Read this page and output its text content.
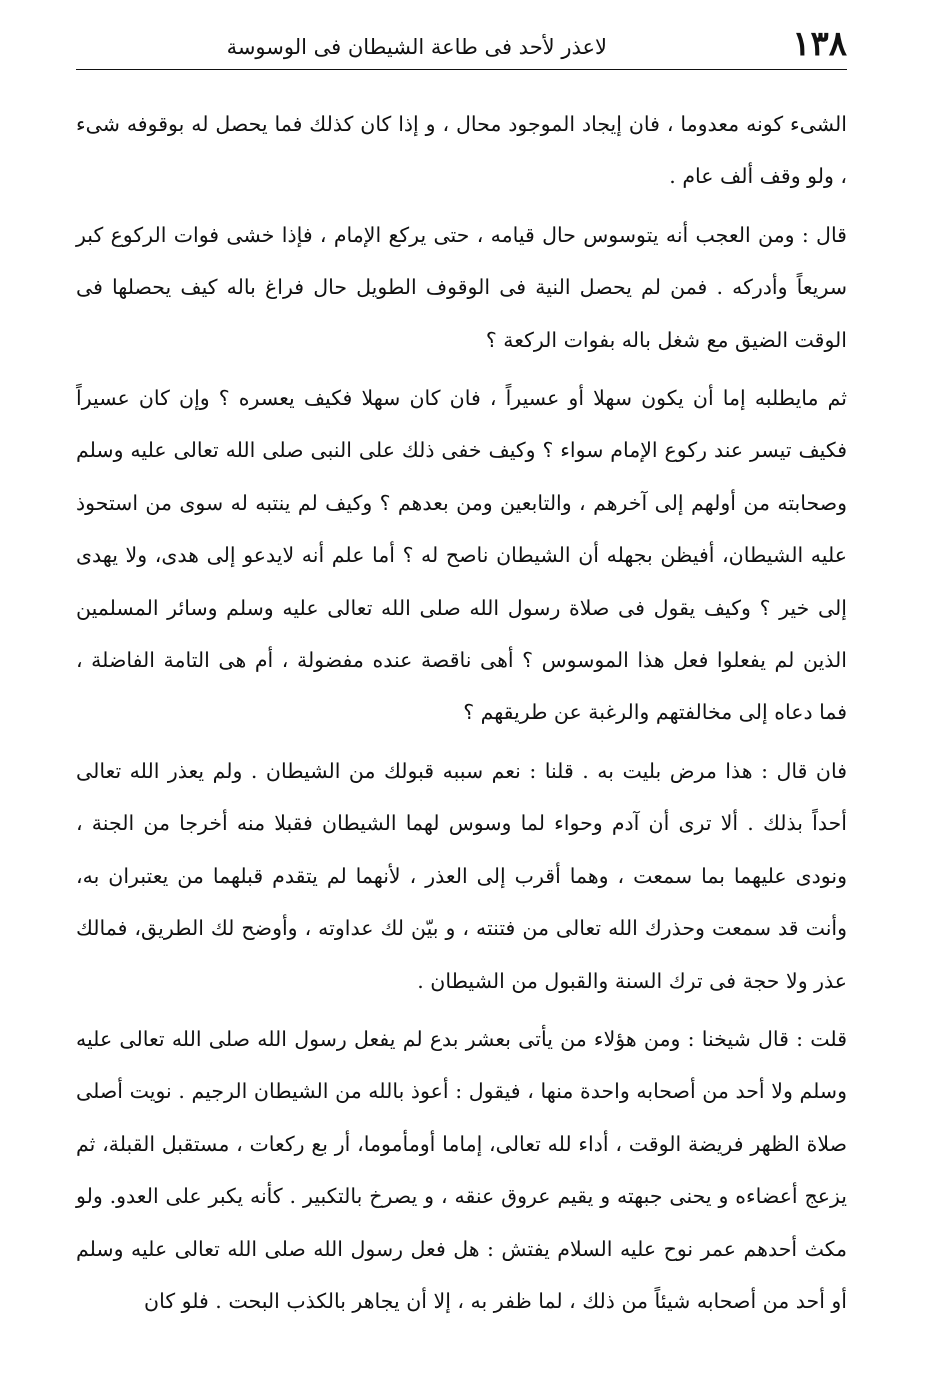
١٣٨
لاعذر لأحد فى طاعة الشيطان فى الوسوسة

الشىء كونه معدوما ، فان إيجاد الموجود محال ، و إذا كان كذلك فما يحصل له بوقوفه شىء ، ولو وقف ألف عام .

قال : ومن العجب أنه يتوسوس حال قيامه ، حتى يركع الإمام ، فإذا خشى فوات الركوع كبر سريعاً وأدركه . فمن لم يحصل النية فى الوقوف الطويل حال فراغ باله كيف يحصلها فى الوقت الضيق مع شغل باله بفوات الركعة ؟

ثم مايطلبه إما أن يكون سهلا أو عسيراً ، فان كان سهلا فكيف يعسره ؟ وإن كان عسيراً فكيف تيسر عند ركوع الإمام سواء ؟ وكيف خفى ذلك على النبى صلى الله تعالى عليه وسلم وصحابته من أولهم إلى آخرهم ، والتابعين ومن بعدهم ؟ وكيف لم ينتبه له سوى من استحوذ عليه الشيطان، أفيظن بجهله أن الشيطان ناصح له ؟ أما علم أنه لايدعو إلى هدى، ولا يهدى إلى خير ؟ وكيف يقول فى صلاة رسول الله صلى الله تعالى عليه وسلم وسائر المسلمين الذين لم يفعلوا فعل هذا الموسوس ؟ أهى ناقصة عنده مفضولة ، أم هى التامة الفاضلة ، فما دعاه إلى مخالفتهم والرغبة عن طريقهم ؟

فان قال : هذا مرض بليت به . قلنا : نعم سببه قبولك من الشيطان . ولم يعذر الله تعالى أحداً بذلك . ألا ترى أن آدم وحواء لما وسوس لهما الشيطان فقبلا منه أخرجا من الجنة ، ونودى عليهما بما سمعت ، وهما أقرب إلى العذر ، لأنهما لم يتقدم قبلهما من يعتبران به، وأنت قد سمعت وحذرك الله تعالى من فتنته ، و بيّن لك عداوته ، وأوضح لك الطريق، فمالك عذر ولا حجة فى ترك السنة والقبول من الشيطان .

قلت : قال شيخنا : ومن هؤلاء من يأتى بعشر بدع لم يفعل رسول الله صلى الله تعالى عليه وسلم ولا أحد من أصحابه واحدة منها ، فيقول : أعوذ بالله من الشيطان الرجيم . نويت أصلى صلاة الظهر فريضة الوقت ، أداء لله تعالى، إماما أومأموما، أر بع ركعات ، مستقبل القبلة، ثم يزعج أعضاءه و يحنى جبهته و يقيم عروق عنقه ، و يصرخ بالتكبير . كأنه يكبر على العدو. ولو مكث أحدهم عمر نوح عليه السلام يفتش : هل فعل رسول الله صلى الله تعالى عليه وسلم أو أحد من أصحابه شيئاً من ذلك ، لما ظفر به ، إلا أن يجاهر بالكذب البحت . فلو كان
